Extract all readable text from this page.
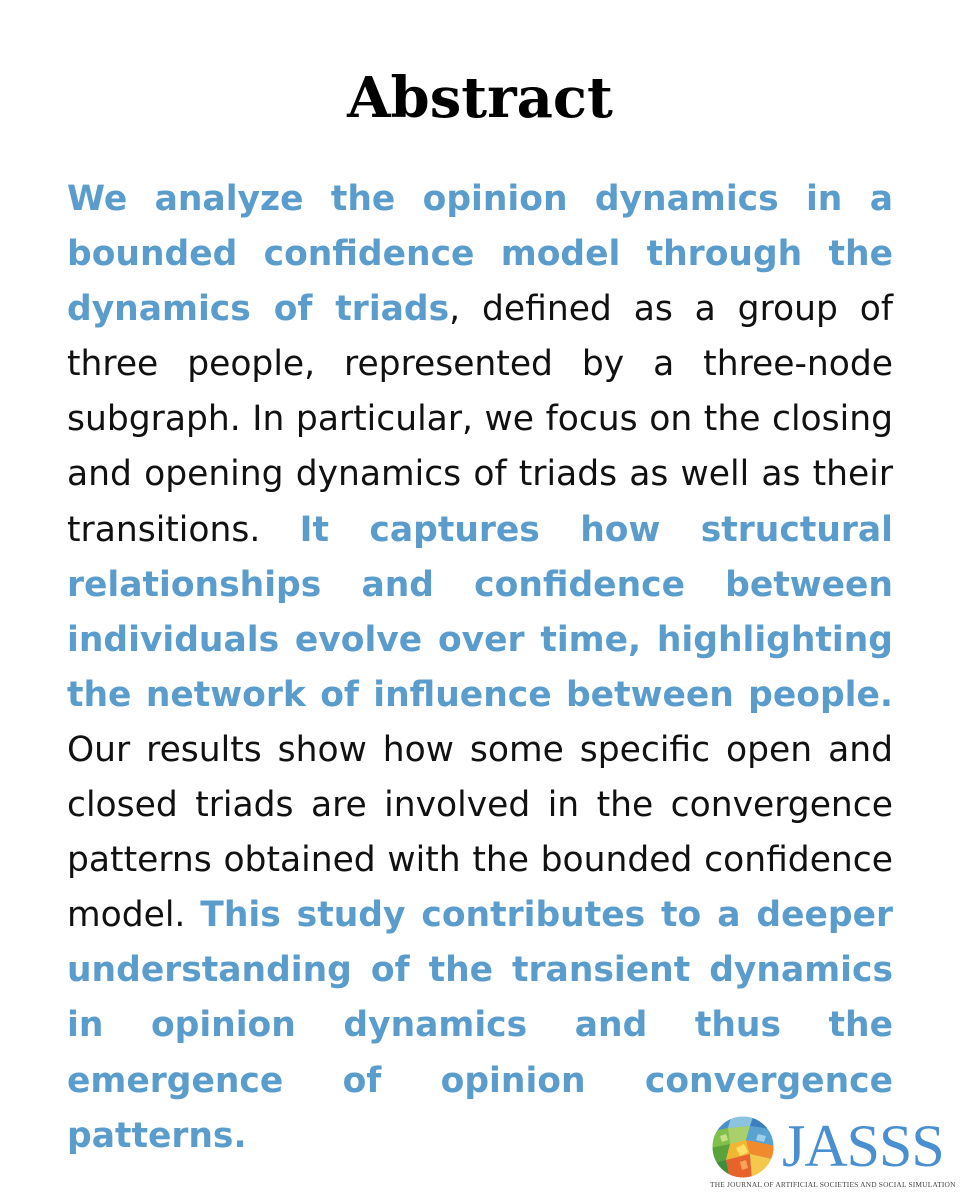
Abstract

We analyze the opinion dynamics in a bounded confidence model through the dynamics of triads, defined as a group of three people, represented by a three-node subgraph. In particular, we focus on the closing and opening dynamics of triads as well as their transitions. It captures how structural relationships and confidence between individuals evolve over time, highlighting the network of influence between people. Our results show how some specific open and closed triads are involved in the convergence patterns obtained with the bounded confidence model. This study contributes to a deeper understanding of the transient dynamics in opinion dynamics and thus the emergence of opinion convergence patterns.	JASSS
THE JOURNAL OF ARTIFICIAL SOCIETIES AND SOCIAL SIMULATION
